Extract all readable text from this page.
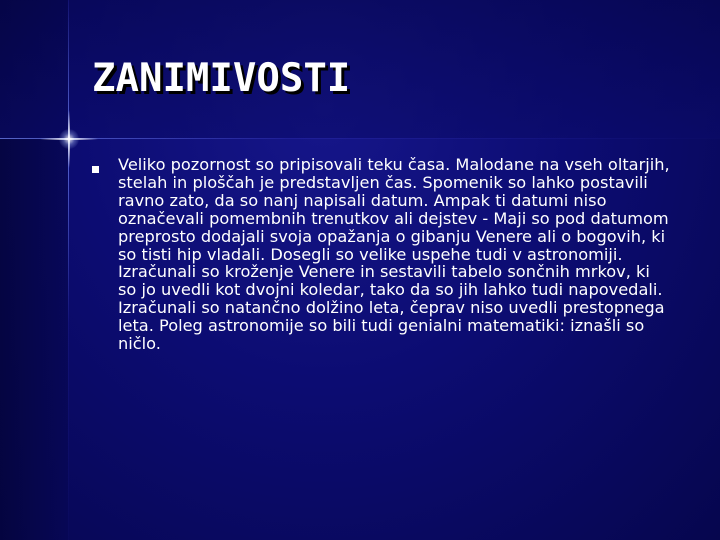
ZANIMIVOSTI
Veliko pozornost so pripisovali teku časa. Malodane na vseh oltarjih, stelah in ploščah je predstavljen čas. Spomenik so lahko postavili ravno zato, da so nanj napisali datum. Ampak ti datumi niso označevali pomembnih trenutkov ali dejstev - Maji so pod datumom preprosto dodajali svoja opažanja o gibanju Venere ali o bogovih, ki so tisti hip vladali. Dosegli so velike uspehe tudi v astronomiji. Izračunali so kroženje Venere in sestavili tabelo sončnih mrkov, ki so jo uvedli kot dvojni koledar, tako da so jih lahko tudi napovedali. Izračunali so natančno dolžino leta, čeprav niso uvedli prestopnega leta. Poleg astronomije so bili tudi genialni matematiki: iznašli so ničlo.
